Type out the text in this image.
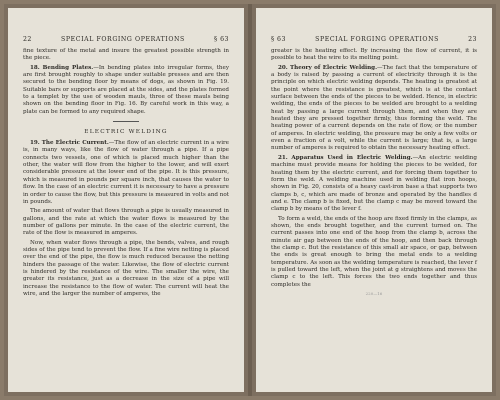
22	SPECIAL FORGING OPERATIONS	§ 63

fine texture of the metal and insure the greatest possible strength in the piece.

18. Bending Plates.—In bending plates into irregular forms, they are first brought roughly to shape under suitable presses and are then secured to the bending floor by means of dogs, as shown in Fig. 19. Suitable bars or supports are placed at the sides, and the plates formed to a templet by the use of wooden mauls, three of these mauls being shown on the bending floor in Fig. 16. By careful work in this way, a plate can be formed to any required shape.

ELECTRIC WELDING

19. The Electric Current.—The flow of an electric current in a wire is, in many ways, like the flow of water through a pipe. If a pipe connects two vessels, one of which is placed much higher than the other, the water will flow from the higher to the lower, and will exert considerable pressure at the lower end of the pipe. It is this pressure, which is measured in pounds per square inch, that causes the water to flow. In the case of an electric current it is necessary to have a pressure in order to cause the flow, but this pressure is measured in volts and not in pounds.

The amount of water that flows through a pipe is usually measured in gallons, and the rate at which the water flows is measured by the number of gallons per minute. In the case of the electric current, the rate of the flow is measured in amperes.

Now, when water flows through a pipe, the bends, valves, and rough sides of the pipe tend to prevent the flow. If a fine wire netting is placed over the end of the pipe, the flow is much reduced because the netting hinders the passage of the water. Likewise, the flow of electric current is hindered by the resistance of the wire. The smaller the wire, the greater its resistance, just as a decrease in the size of a pipe will increase the resistance to the flow of water. The current will heat the wire, and the larger the number of amperes, the

§ 63	SPECIAL FORGING OPERATIONS	23

greater is the heating effect. By increasing the flow of current, it is possible to heat the wire to its melting point.

20. Theory of Electric Welding.—The fact that the temperature of a body is raised by passing a current of electricity through it is the principle on which electric welding depends. The heating is greatest at the point where the resistance is greatest, which is at the contact surface between the ends of the pieces to be welded. Hence, in electric welding, the ends of the pieces to be welded are brought to a welding heat by passing a large current through them, and when they are heated they are pressed together firmly, thus forming the weld. The heating power of a current depends on the rate of flow, or the number of amperes. In electric welding, the pressure may be only a few volts or even a fraction of a volt, while the current is large; that is, a large number of amperes is required to obtain the necessary heating effect.

21. Apparatus Used in Electric Welding.—An electric welding machine must provide means for holding the pieces to be welded, for heating them by the electric current, and for forcing them together to form the weld. A welding machine used in welding flat iron hoops, shown in Fig. 20, consists of a heavy cast-iron base a that supports two clamps b, c, which are made of bronze and operated by the handles d and e. The clamp b is fixed, but the clamp c may be moved toward the clamp b by means of the lever f.

To form a weld, the ends of the hoop are fixed firmly in the clamps, as shown, the ends brought together, and the current turned on. The current passes into one end of the hoop from the clamp b, across the minute air gap between the ends of the hoop, and then back through the clamp c. But the resistance of this small air space, or gap, between the ends is great enough to bring the metal ends to a welding temperature. As soon as the welding temperature is reached, the lever f is pulled toward the left, when the joint at g straightens and moves the clamp c to the left. This forces the two ends together and thus completes the

220—16
